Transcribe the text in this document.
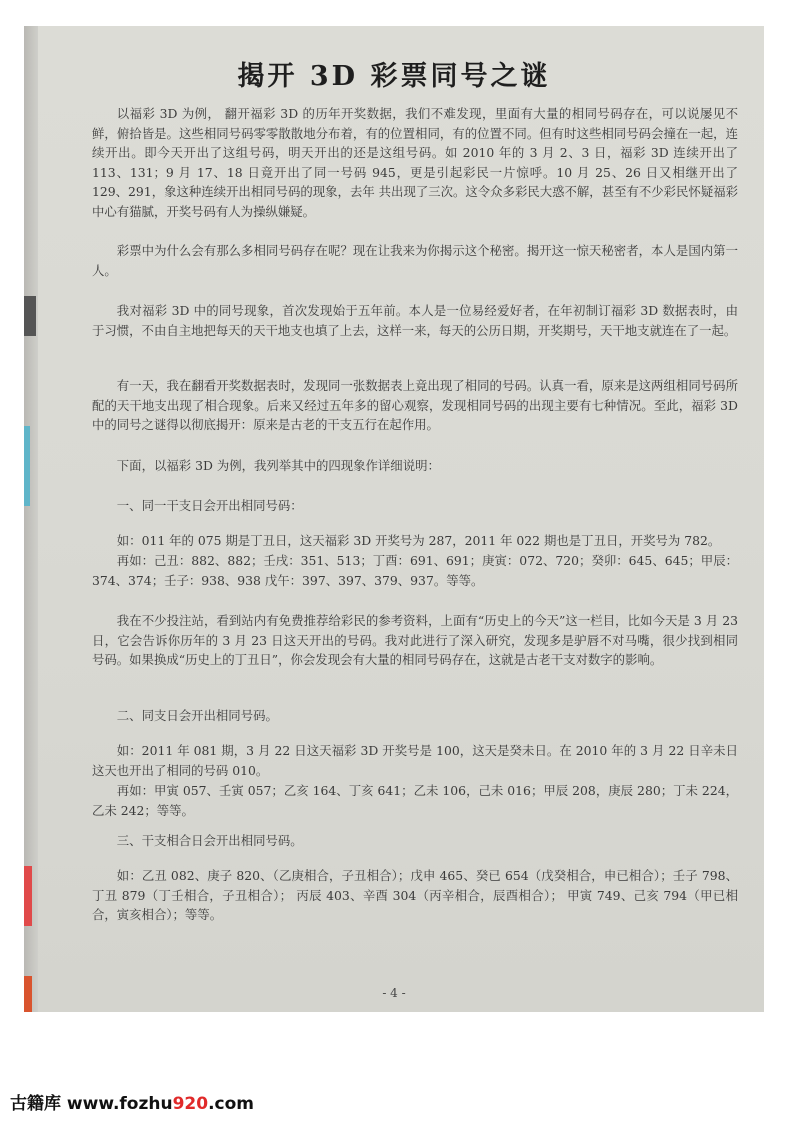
揭开 3D 彩票同号之谜

以福彩 3D 为例， 翻开福彩 3D 的历年开奖数据，我们不难发现，里面有大量的相同号码存在，可以说屡见不鲜，俯拾皆是。这些相同号码零零散散地分布着，有的位置相同，有的位置不同。但有时这些相同号码会撞在一起，连续开出。即今天开出了这组号码，明天开出的还是这组号码。如 2010 年的 3 月 2、3 日，福彩 3D 连续开出了 113、131；9 月 17、18 日竟开出了同一号码 945，更是引起彩民一片惊呼。10 月 25、26 日又相继开出了 129、291，象这种连续开出相同号码的现象，去年 共出现了三次。这令众多彩民大惑不解，甚至有不少彩民怀疑福彩中心有猫腻，开奖号码有人为操纵嫌疑。

彩票中为什么会有那么多相同号码存在呢？现在让我来为你揭示这个秘密。揭开这一惊天秘密者，本人是国内第一人。

我对福彩 3D 中的同号现象，首次发现始于五年前。本人是一位易经爱好者，在年初制订福彩 3D 数据表时，由于习惯，不由自主地把每天的天干地支也填了上去，这样一来，每天的公历日期，开奖期号，天干地支就连在了一起。

有一天，我在翻看开奖数据表时，发现同一张数据表上竟出现了相同的号码。认真一看，原来是这两组相同号码所配的天干地支出现了相合现象。后来又经过五年多的留心观察，发现相同号码的出现主要有七种情况。至此，福彩 3D 中的同号之谜得以彻底揭开：原来是古老的干支五行在起作用。

下面，以福彩 3D 为例，我列举其中的四现象作详细说明：

一、同一干支日会开出相同号码：

如：011 年的 075 期是丁丑日，这天福彩 3D 开奖号为 287，2011 年 022 期也是丁丑日，开奖号为 782。

再如：己丑：882、882；壬戌：351、513；丁酉：691、691；庚寅：072、720；癸卯：645、645；甲辰：374、374；壬子：938、938 戊午：397、397、379、937。等等。

我在不少投注站，看到站内有免费推荐给彩民的参考资料，上面有“历史上的今天”这一栏目，比如今天是 3 月 23 日，它会告诉你历年的 3 月 23 日这天开出的号码。我对此进行了深入研究，发现多是驴唇不对马嘴，很少找到相同号码。如果换成“历史上的丁丑日”，你会发现会有大量的相同号码存在，这就是古老干支对数字的影响。

二、同支日会开出相同号码。

如：2011 年 081 期，3 月 22 日这天福彩 3D 开奖号是 100，这天是癸未日。在 2010 年的 3 月 22 日辛未日这天也开出了相同的号码 010。

再如：甲寅 057、壬寅 057；乙亥 164、丁亥 641；乙未 106，己未 016；甲辰 208，庚辰 280；丁未 224，乙未 242；等等。

三、干支相合日会开出相同号码。

如：乙丑 082、庚子 820、（乙庚相合，子丑相合）；戊申 465、癸已 654（戊癸相合，申已相合）；壬子 798、丁丑 879（丁壬相合，子丑相合）； 丙辰 403、辛酉 304（丙辛相合，辰酉相合）； 甲寅 749、己亥 794（甲已相合，寅亥相合）；等等。

- 4 -
古籍库 www.fozhu920.com
